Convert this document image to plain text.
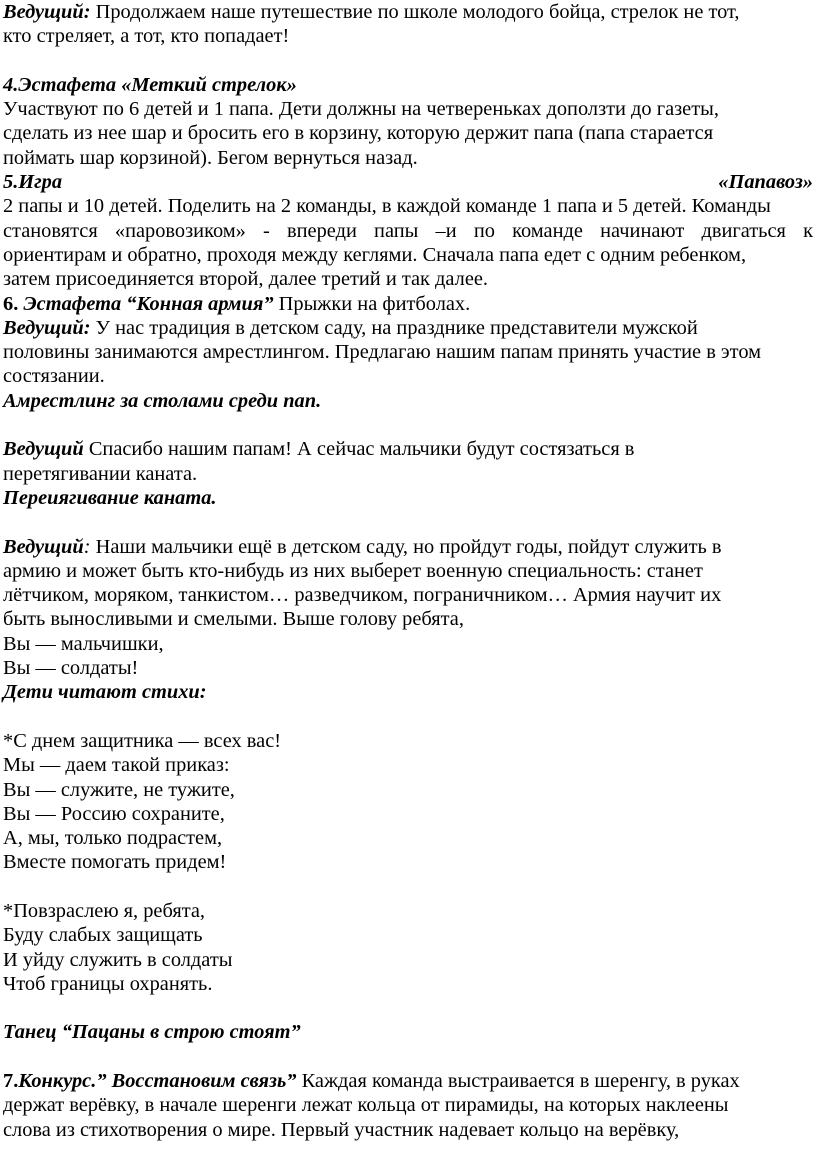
Ведущий: Продолжаем наше путешествие по школе молодого бойца, стрелок не тот,
кто стреляет, а тот, кто попадает!
4.Эстафета «Меткий стрелок»
Участвуют по 6 детей и 1 папа. Дети должны на четвереньках доползти до газеты,
сделать из нее шар и бросить его в корзину, которую держит папа (папа старается
поймать шар корзиной). Бегом вернуться назад.
5.Игра	«Папавоз»
2 папы и 10 детей. Поделить на 2 команды, в каждой команде 1 папа и 5 детей. Команды
становятся «паровозиком» - впереди папы –и по команде начинают двигаться к
ориентирам и обратно, проходя между кеглями. Сначала папа едет с одним ребенком,
затем присоединяется второй, далее третий и так далее.
6. Эстафета “Конная армия” Прыжки на фитболах.
Ведущий: У нас традиция в детском саду, на празднике представители мужской
половины занимаются амрестлингом. Предлагаю нашим папам принять участие в этом
состязании.
Амрестлинг за столами среди пап.
Ведущий Спасибо нашим папам! А сейчас мальчики будут состязаться в
перетягивании каната.
Переиягивание каната.
Ведущий: Наши мальчики ещё в детском саду, но пройдут годы, пойдут служить в
армию и может быть кто-нибудь из них выберет военную специальность: станет
лётчиком, моряком, танкистом… разведчиком, пограничником… Армия научит их
быть выносливыми и смелыми. Выше голову ребята,
Вы — мальчишки,
Вы — солдаты!
Дети читают стихи:
*С днем защитника — всех вас!
Мы — даем такой приказ:
Вы — служите, не тужите,
Вы — Россию сохраните,
А, мы, только подрастем,
Вместе помогать придем!
*Повзраслею я, ребята,
Буду слабых защищать
И уйду служить в солдаты
Чтоб границы охранять.
Танец “Пацаны в строю стоят”
7.Конкурс.” Восстановим связь” Каждая команда выстраивается в шеренгу, в руках
держат верёвку, в начале шеренги лежат кольца от пирамиды, на которых наклеены
слова из стихотворения о мире. Первый участник надевает кольцо на верёвку,
